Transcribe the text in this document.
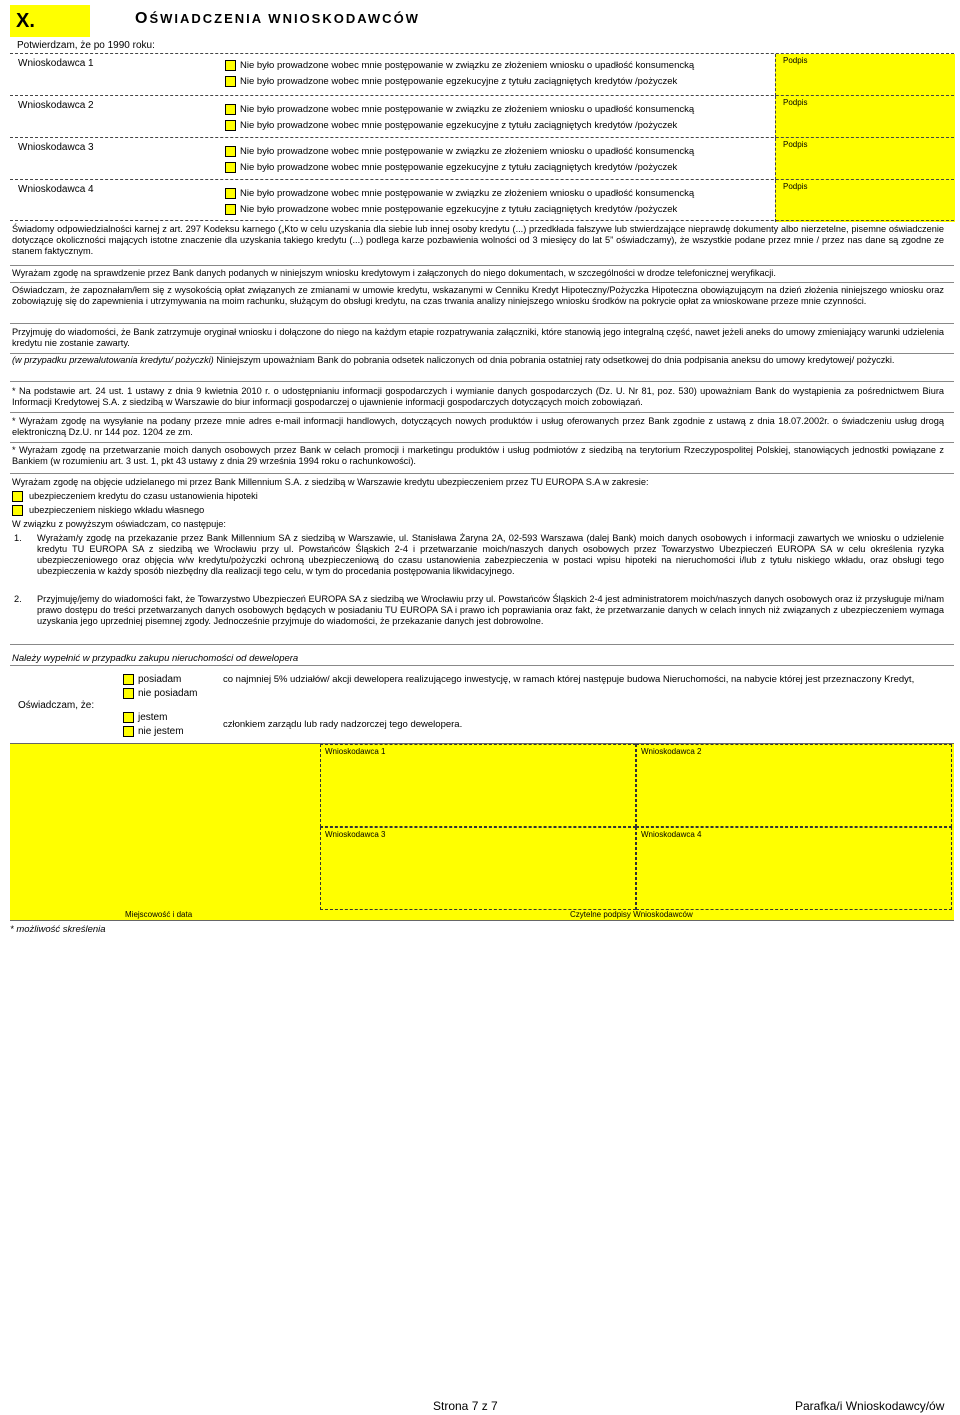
X.	OŚWIADCZENIA WNIOSKODAWCÓW
Potwierdzam, że po 1990 roku:
Wnioskodawca 1	Nie było prowadzone wobec mnie postępowanie w związku ze złożeniem wniosku o upadłość konsumencką
Nie było prowadzone wobec mnie postępowanie egzekucyjne z tytułu zaciągniętych kredytów /pożyczek
Podpis
Wnioskodawca 2	Nie było prowadzone wobec mnie postępowanie w związku ze złożeniem wniosku o upadłość konsumencką
Nie było prowadzone wobec mnie postępowanie egzekucyjne z tytułu zaciągniętych kredytów /pożyczek
Podpis
Wnioskodawca 3	Nie było prowadzone wobec mnie postępowanie w związku ze złożeniem wniosku o upadłość konsumencką
Nie było prowadzone wobec mnie postępowanie egzekucyjne z tytułu zaciągniętych kredytów /pożyczek
Podpis
Wnioskodawca 4	Nie było prowadzone wobec mnie postępowanie w związku ze złożeniem wniosku o upadłość konsumencką
Nie było prowadzone wobec mnie postępowanie egzekucyjne z tytułu zaciągniętych kredytów /pożyczek
Podpis
Świadomy odpowiedzialności karnej z art. 297 Kodeksu karnego („Kto w celu uzyskania dla siebie lub innej osoby kredytu (...) przedkłada fałszywe lub stwierdzające nieprawdę dokumenty albo nierzetelne, pisemne oświadczenie dotyczące okoliczności mających istotne znaczenie dla uzyskania takiego kredytu (...) podlega karze pozbawienia wolności od 3 miesięcy do lat 5” oświadczamy), że wszystkie podane przez mnie / przez nas dane są zgodne ze stanem faktycznym.
Wyrażam zgodę na sprawdzenie przez Bank danych podanych w niniejszym wniosku kredytowym i załączonych do niego dokumentach, w szczególności w drodze telefonicznej weryfikacji.
Oświadczam, że zapoznałam/łem się z wysokością opłat związanych ze zmianami w umowie kredytu, wskazanymi w Cenniku Kredyt Hipoteczny/Pożyczka Hipoteczna obowiązującym na dzień złożenia niniejszego wniosku oraz zobowiązuję się do zapewnienia i utrzymywania na moim rachunku, służącym do obsługi kredytu, na czas trwania analizy niniejszego wniosku środków na pokrycie opłat za wnioskowane przeze mnie czynności.
Przyjmuję do wiadomości, że Bank zatrzymuje oryginał wniosku i dołączone do niego na każdym etapie rozpatrywania załączniki, które stanowią jego integralną część, nawet jeżeli aneks do umowy zmieniający warunki udzielenia kredytu nie zostanie zawarty.
(w przypadku przewalutowania kredytu/ pożyczki) Niniejszym upoważniam Bank do pobrania odsetek naliczonych od dnia pobrania ostatniej raty odsetkowej do dnia podpisania aneksu do umowy kredytowej/ pożyczki.
* Na podstawie art. 24 ust. 1 ustawy z dnia 9 kwietnia 2010 r. o udostępnianiu informacji gospodarczych i wymianie danych gospodarczych (Dz. U. Nr 81, poz. 530) upoważniam Bank do wystąpienia za pośrednictwem Biura Informacji Kredytowej S.A. z siedzibą w Warszawie do biur informacji gospodarczej o ujawnienie informacji gospodarczych dotyczących moich zobowiązań.
* Wyrażam zgodę na wysyłanie na podany przeze mnie adres e-mail informacji handlowych, dotyczących nowych produktów i usług oferowanych przez Bank zgodnie z ustawą z dnia 18.07.2002r. o świadczeniu usług drogą elektroniczną Dz.U. nr 144 poz. 1204 ze zm.
* Wyrażam zgodę na przetwarzanie moich danych osobowych przez Bank w celach promocji i marketingu produktów i usług podmiotów z siedzibą na terytorium Rzeczypospolitej Polskiej, stanowiących jednostki powiązane z Bankiem (w rozumieniu art. 3 ust. 1, pkt 43 ustawy z dnia 29 września 1994 roku o rachunkowości).
Wyrażam zgodę na objęcie udzielanego mi przez Bank Millennium S.A. z siedzibą w Warszawie kredytu ubezpieczeniem przez TU EUROPA S.A w zakresie:
ubezpieczeniem kredytu do czasu ustanowienia hipoteki
ubezpieczeniem niskiego wkładu własnego
W związku z powyższym oświadczam, co następuje:
1. Wyrażam/y zgodę na przekazanie przez Bank Millennium SA z siedzibą w Warszawie, ul. Stanisława Żaryna 2A, 02-593 Warszawa (dalej Bank) moich danych osobowych i informacji zawartych we wniosku o udzielenie kredytu TU EUROPA SA z siedzibą we Wrocławiu przy ul. Powstańców Śląskich 2-4 i przetwarzanie moich/naszych danych osobowych przez Towarzystwo Ubezpieczeń EUROPA SA w celu określenia ryzyka ubezpieczeniowego oraz objęcia w/w kredytu/pożyczki ochroną ubezpieczeniową do czasu ustanowienia zabezpieczenia w postaci wpisu hipoteki na nieruchomości i/lub z tytułu niskiego wkładu, oraz obsługi tego ubezpieczenia w każdy sposób niezbędny dla realizacji tego celu, w tym do procedania postępowania likwidacyjnego.
2. Przyjmuję/jemy do wiadomości fakt, że Towarzystwo Ubezpieczeń EUROPA SA z siedzibą we Wrocławiu przy ul. Powstańców Śląskich 2-4 jest administratorem moich/naszych danych osobowych oraz iż przysługuje mi/nam prawo dostępu do treści przetwarzanych danych osobowych będących w posiadaniu TU EUROPA SA i prawo ich poprawiania oraz fakt, że przetwarzanie danych w celach innych niż związanych z ubezpieczeniem wymaga uzyskania jego uprzedniej pisemnej zgody. Jednocześnie przyjmuje do wiadomości, że przekazanie danych jest dobrowolne.
Należy wypełnić w przypadku zakupu nieruchomości od dewelopera
Oświadczam, że:
posiadam
nie posiadam
co najmniej 5% udziałów/ akcji dewelopera realizującego inwestycję, w ramach której następuje budowa Nieruchomości, na nabycie której jest przeznaczony Kredyt,
jestem
nie jestem
członkiem zarządu lub rady nadzorczej tego dewelopera.
Wnioskodawca 1	Wnioskodawca 2
Wnioskodawca 3	Wnioskodawca 4
Miejscowość i data	Czytelne podpisy Wnioskodawców
* możliwość skreślenia
Strona 7 z 7	Parafka/i Wnioskodawcy/ów
